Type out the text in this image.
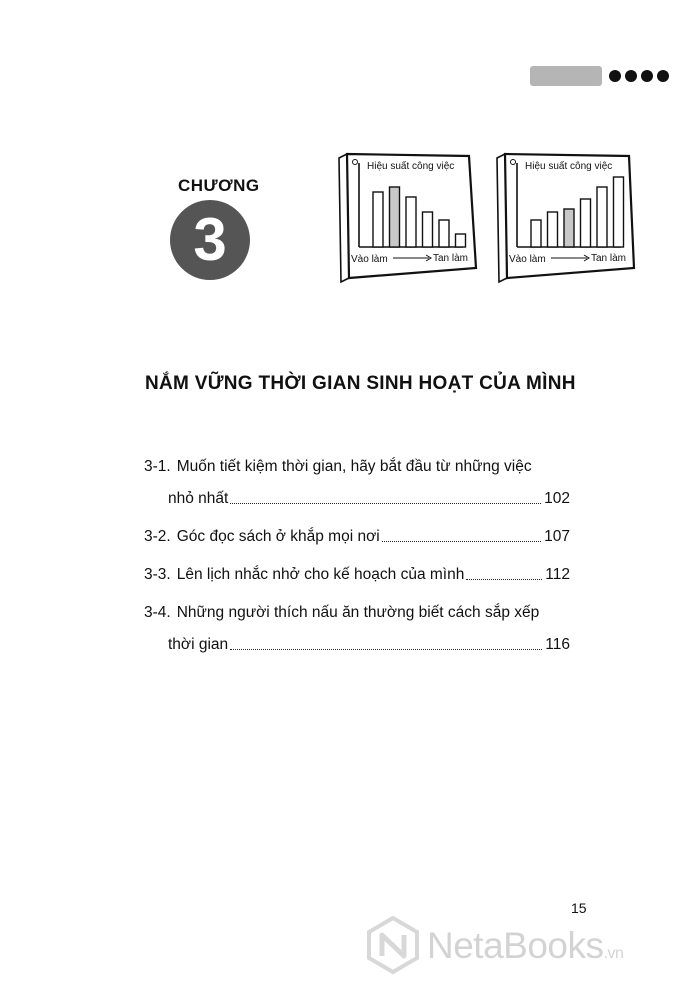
CHƯƠNG
3
Hiệu suất công việc
Vào làm	Tan làm
Hiệu suất công việc
Vào làm	Tan làm
NẮM VỮNG THỜI GIAN SINH HOẠT CỦA MÌNH
3-1. Muốn tiết kiệm thời gian, hãy bắt đầu từ những việc
nhỏ nhất	102
3-2. Góc đọc sách ở khắp mọi nơi	107
3-3. Lên lịch nhắc nhở cho kế hoạch của mình	112
3-4. Những người thích nấu ăn thường biết cách sắp xếp
thời gian	116
15
NetaBooks.vn
